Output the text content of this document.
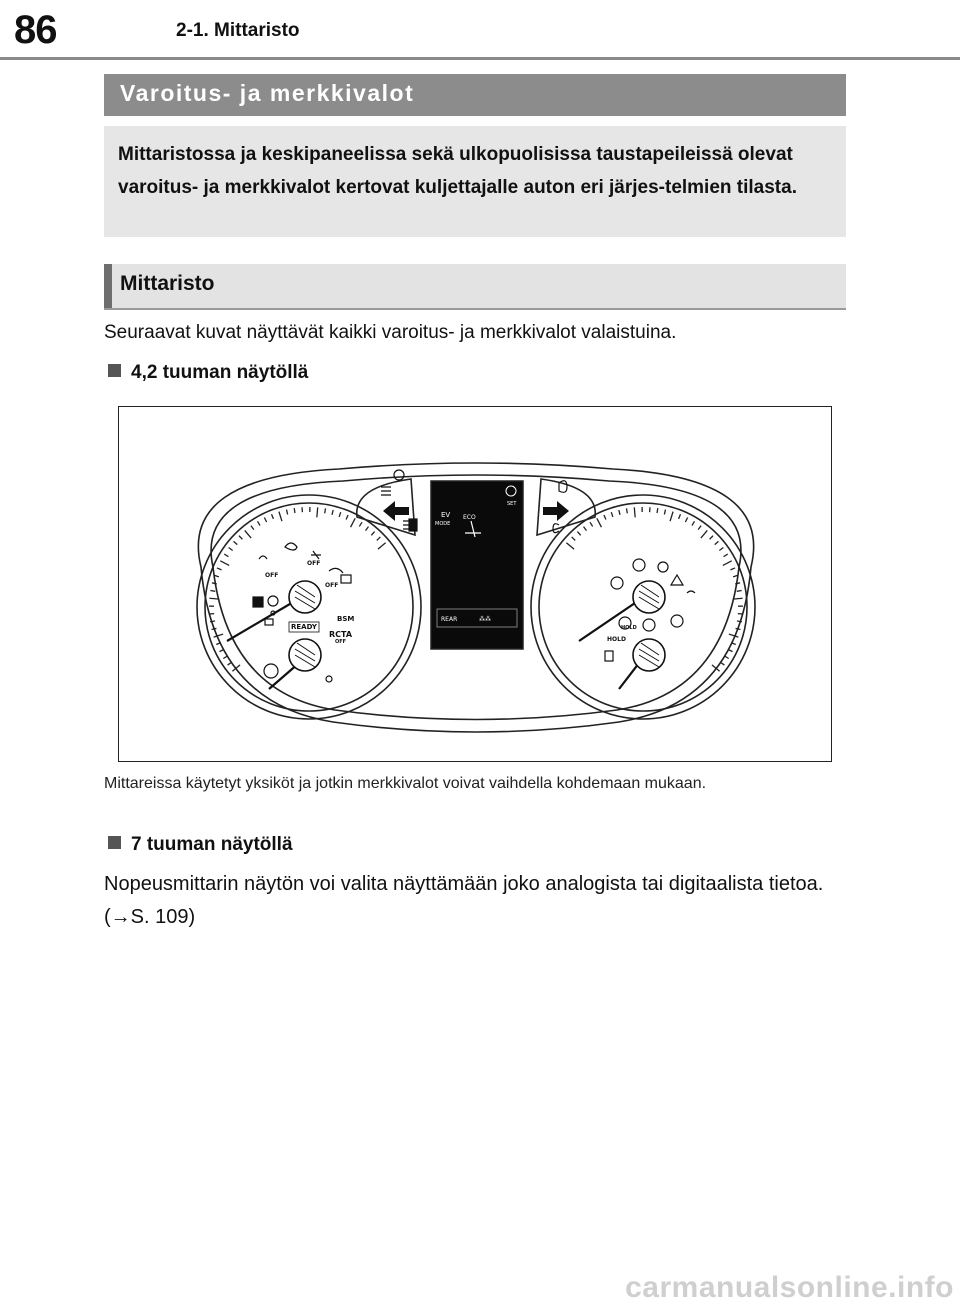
86	2-1. Mittaristo
Varoitus- ja merkkivalot

Mittaristossa ja keskipaneelissa sekä ulkopuolisissa taustapeileissä olevat varoitus- ja merkkivalot kertovat kuljettajalle auton eri järjes-telmien tilasta.

Mittaristo

Seuraavat kuvat näyttävät kaikki varoitus- ja merkkivalot valaistuina.

4,2 tuuman näytöllä
EV
MODE
ECO
SET
REAR	⁂⁂
OFF
OFF
OFF
BSM
RCTA
OFF
READY
HOLD
HOLD

Mittareissa käytetyt yksiköt ja jotkin merkkivalot voivat vaihdella kohdemaan mukaan.

7 tuuman näytöllä

Nopeusmittarin näytön voi valita näyttämään joko analogista tai digitaalista tietoa. (→S. 109)

carmanualsonline.info
